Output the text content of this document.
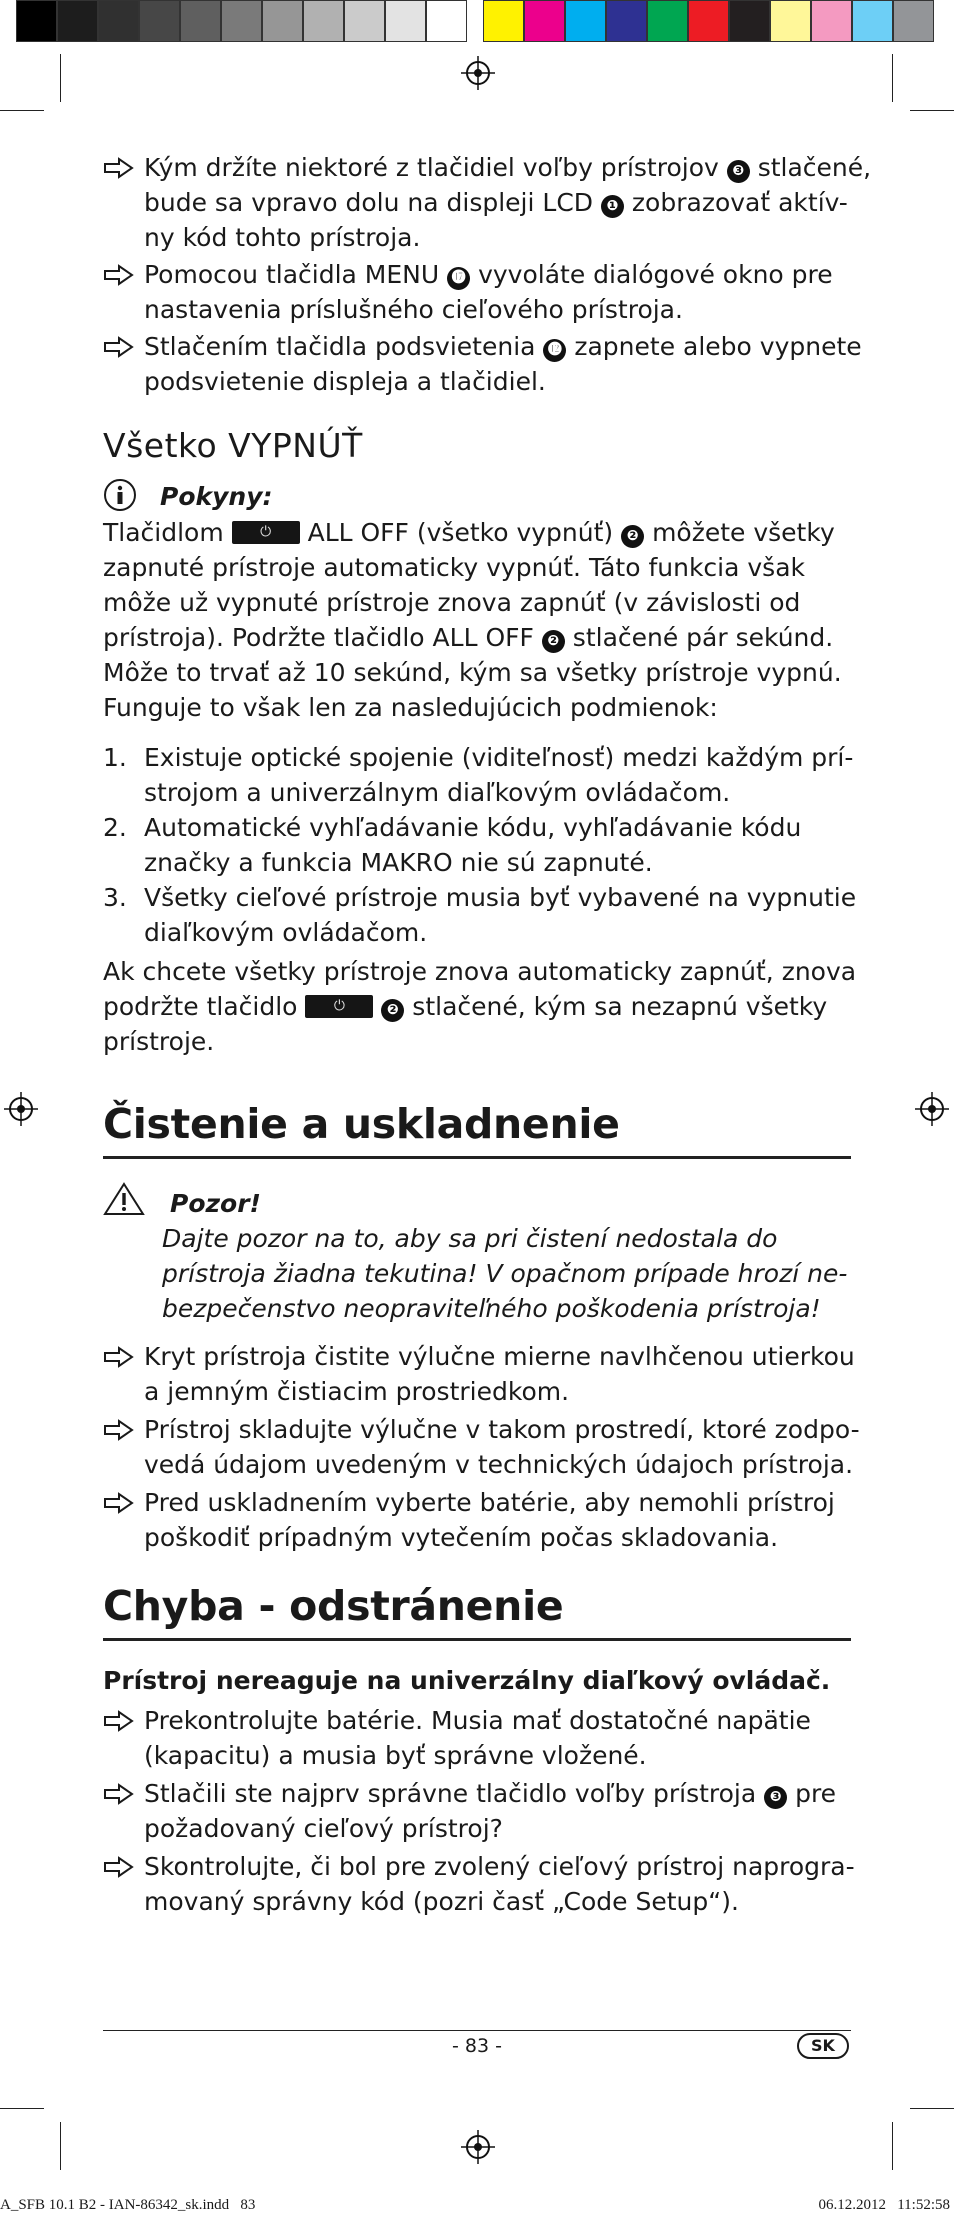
Kým držíte niektoré z tlačidiel voľby prístrojov ❸ stlačené,
bude sa vpravo dolu na displeji LCD ❶ zobrazovať aktív-
ny kód tohto prístroja.
Pomocou tlačidla MENU ⓱ vyvoláte dialógové okno pre
nastavenia príslušného cieľového prístroja.
Stlačením tlačidla podsvietenia ⓬ zapnete alebo vypnete
podsvietenie displeja a tlačidiel.
Všetko VYPNÚŤ
Pokyny:
Tlačidlom	⏻	ALL OFF (všetko vypnúť) ❷ môžete všetky
zapnuté prístroje automaticky vypnúť. Táto funkcia však
môže už vypnuté prístroje znova zapnúť (v závislosti od
prístroja). Podržte tlačidlo ALL OFF ❷ stlačené pár sekúnd.
Môže to trvať až 10 sekúnd, kým sa všetky prístroje vypnú.
Funguje to však len za nasledujúcich podmienok:
1. Existuje optické spojenie (viditeľnosť) medzi každým prí-
strojom a univerzálnym diaľkovým ovládačom.
2. Automatické vyhľadávanie kódu, vyhľadávanie kódu
značky a funkcia MAKRO nie sú zapnuté.
3. Všetky cieľové prístroje musia byť vybavené na vypnutie
diaľkovým ovládačom.
Ak chcete všetky prístroje znova automaticky zapnúť, znova
podržte tlačidlo	⏻	❷ stlačené, kým sa nezapnú všetky
prístroje.
Čistenie a uskladnenie
Pozor!
Dajte pozor na to, aby sa pri čistení nedostala do
prístroja žiadna tekutina! V opačnom prípade hrozí ne-
bezpečenstvo neopraviteľného poškodenia prístroja!
Kryt prístroja čistite výlučne mierne navlhčenou utierkou
a jemným čistiacim prostriedkom.
Prístroj skladujte výlučne v takom prostredí, ktoré zodpo-
vedá údajom uvedeným v technických údajoch prístroja.
Pred uskladnením vyberte batérie, aby nemohli prístroj
poškodiť prípadným vytečením počas skladovania.
Chyba - odstránenie
Prístroj nereaguje na univerzálny diaľkový ovládač.
Prekontrolujte batérie. Musia mať dostatočné napätie
(kapacitu) a musia byť správne vložené.
Stlačili ste najprv správne tlačidlo voľby prístroja ❸ pre
požadovaný cieľový prístroj?
Skontrolujte, či bol pre zvolený cieľový prístroj naprogra-
movaný správny kód (pozri časť „Code Setup“).
- 83 -	SK
A_SFB 10.1 B2 - IAN-86342_sk.indd   83	06.12.2012   11:52:58
